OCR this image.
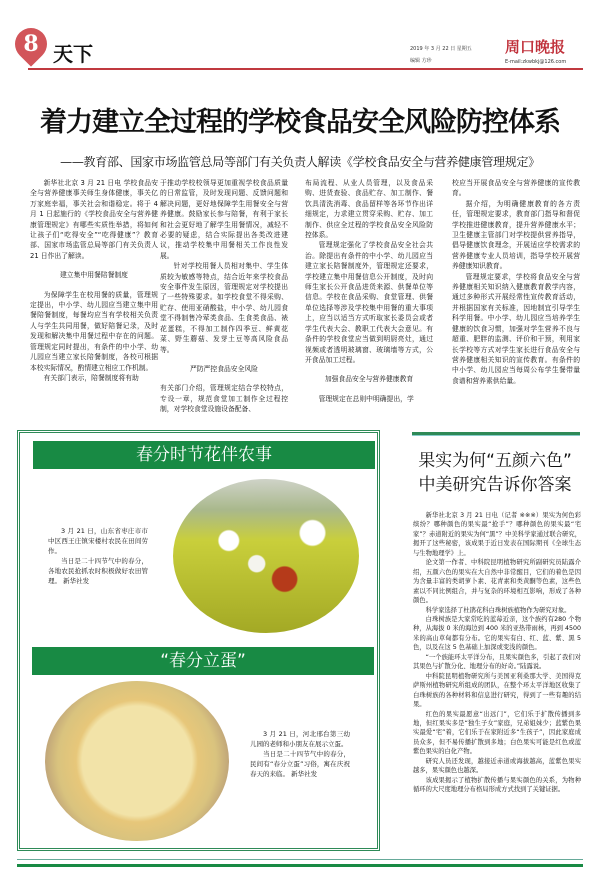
8 天下	2019 年 3 月 22 日 星期五
编辑 方珍	E-mail:zkwbkj@126.com
周口晚报
着力建立全过程的学校食品安全风险防控体系
——教育部、国家市场监管总局等部门有关负责人解读《学校食品安全与营养健康管理规定》

新华社北京 3 月 21 日电 学校食品安全与营养健康事关师生身体健康，事关亿万家庭幸福，事关社会和谐稳定。将于 4 月 1 日起施行的《学校食品安全与营养健康管理规定》有哪些实质性举措，将如何让孩子们“吃得安全”“吃得健康”？教育部、国家市场监管总局等部门有关负责人 21 日作出了解读。

建立集中用餐陪餐制度

为保障学生在校用餐的质量，管理规定提出，中小学、幼儿园应当建立集中用餐陪餐制度，每餐均应当有学校相关负责人与学生共同用餐，做好陪餐记录，及时发现和解决集中用餐过程中存在的问题。管理规定同时提出，有条件的中小学、幼儿园应当建立家长陪餐制度，各校可根据本校实际情况，酌情建立相应工作机制。

有关部门表示，陪餐制度将有助

于推动学校校领导更加重视学校食品质量的日常监管，及时发现问题、反馈问题和解决问题，更好地保障学生用餐安全与营养健康。鼓励家长参与陪餐，有利于家长和社会更好地了解学生用餐情况，减轻不必要的疑虑，结合实际提出各类改进建议，推动学校集中用餐相关工作良性发展。

针对学校用餐人员相对集中、学生体质较为敏感等特点，结合近年来学校食品安全事件发生原因，管理规定对学校提出了一些特殊要求。如学校食堂不得采购、贮存、使用亚硝酸盐，中小学、幼儿园食堂不得制售冷荤类食品、生食类食品、裱花蛋糕，不得加工制作四季豆、鲜黄花菜、野生蘑菇、发芽土豆等高风险食品等。

严防严控食品安全风险

有关部门介绍，管理规定结合学校特点，专设一章，规范食堂加工制作全过程控制，对学校食堂设施设备配备、

布局流程、从业人员管理，以及食品采购、进货查验、食品贮存、加工制作、餐饮具清洗消毒、食品留样等各环节作出详细规定，力求建立贯穿采购、贮存、加工制作、供应全过程的学校食品安全风险防控体系。

管理规定强化了学校食品安全社会共治。除提出有条件的中小学、幼儿园应当建立家长陪餐制度外，管理规定还要求，学校建立集中用餐信息公开制度，及时向师生家长公开食品进货来源、供餐单位等信息。学校在食品采购、食堂管理、供餐单位选择等涉及学校集中用餐的重大事项上，应当以适当方式听取家长委员会或者学生代表大会、教职工代表大会意见。有条件的学校食堂应当做到明厨亮灶，通过视频或者透明玻璃窗、玻璃墙等方式，公开食品加工过程。

加强食品安全与营养健康教育

管理规定在总则中明确提出，学

校应当开展食品安全与营养健康的宣传教育。

据介绍，为明确健康教育的各方责任，管理规定要求，教育部门指导和督促学校推进健康教育，提升营养健康水平；卫生健康主管部门对学校提供营养指导，倡导健康饮食理念，开展适应学校需求的营养健康专业人员培训，指导学校开展营养健康知识教育。

管理规定要求，学校将食品安全与营养健康相关知识纳入健康教育教学内容，通过多种形式开展经常性宣传教育活动，并根据国家有关标准，因地制宜引导学生科学用餐。中小学、幼儿园应当培养学生健康的饮食习惯，加强对学生营养不良与超重、肥胖的监测、评价和干预，利用家长学校等方式对学生家长进行食品安全与营养健康相关知识的宣传教育。有条件的中小学、幼儿园应当每周公布学生餐带量食谱和营养素供给量。

春分时节花伴农事

3 月 21 日，山东省枣庄市市中区西王庄镇宋楼村农民在田间劳作。

当日是二十四节气中的春分，各地农民抢抓农时积极做好农田管理。 新华社发

“春分立蛋”

3 月 21 日，河北邢台第三幼儿园的老师和小朋友在展示立蛋。

当日是二十四节气中的春分，民间有“春分立蛋”习俗，寓在庆祝春天的来临。 新华社发

果实为何“五颜六色”
中美研究告诉你答案

新华社北京 3 月 21 日电（记者 ※※※）果实为何色彩缤纷？哪种颜色的果实最“抢手”？哪种颜色的果实最“宅家”？赤道附近的果实为何“黑”？中美科学家通过联合研究，揭开了这些秘密，该成果于近日发表在国际期刊《全球生态与生物地理学》上。

论文第一作者、中科院昆明植物研究所副研究员陆露介绍，五颜六色的果实在大自然中非常醒目，它们的着色是因为含量丰富的类胡萝卜素、花青素和类黄酮等色素，这些色素以不同比例组合，并与复杂的环境相互影响，形成了各种颜色。

科学家选择了杜鹃花科白珠树族植物作为研究对象。

白珠树族是大家常吃的蓝莓近亲，这个族约有280 个物种，从海拔 0 米的海边到 400 米的亚热带雨林，再到 4500 米的高山草甸都有分布。它的果实有白、红、蓝、紫、黑 5 色，以及在这 5 色基础上加深或变浅的颜色。

“一个族能环太平洋分布，且果实颜色多，引起了我们对其果色与扩散分化、地理分布的好奇。”陆露说。

中科院昆明植物研究所与美国亚利桑那大学、美国得克萨斯州植物研究所组成的团队，在整个环太平洋地区收集了白珠树族的各种材料和信息进行研究，得到了一些有趣的结果。

红色的果实最愿意“出远门”，它们乐于扩散传播到多地，但红果实多是“独生子女”家庭，兄弟姐妹少；蓝紫色果实最爱“宅”着，它们乐于在家附近多“生孩子”，因此家庭成员众多，但不易传播扩散到多地；白色果实可能是红色或蓝紫色果实的白化产物。

研究人员还发现，越接近赤道或海拔越高，蓝紫色果实越多，果实颜色也越深。

该成果揭示了植物扩散传播与果实颜色的关系，为物种循环的大尺度地理分布格局形成方式找到了关键证据。
